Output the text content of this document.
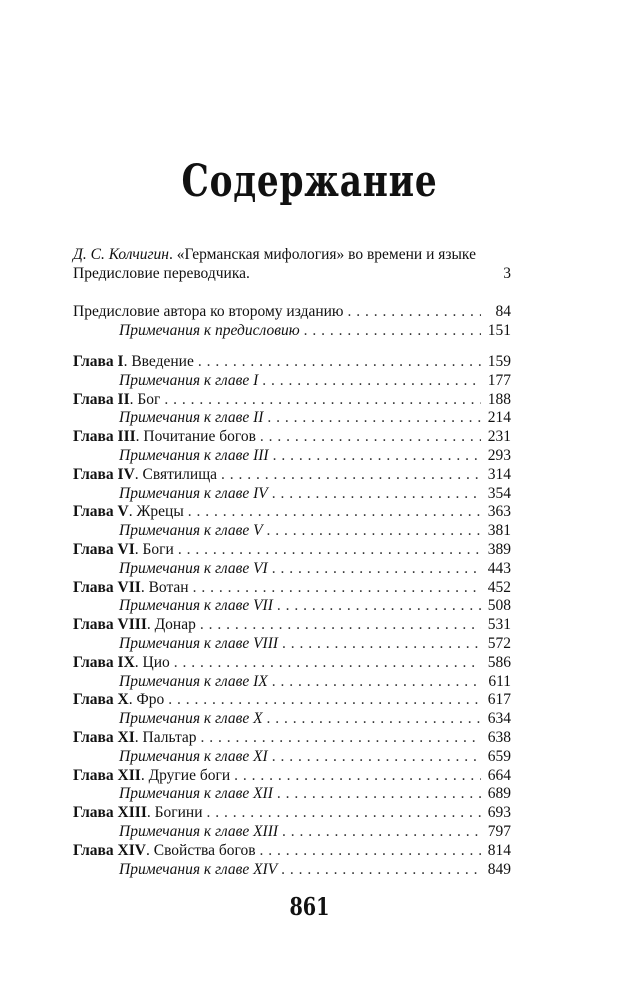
Содержание
Д. С. Колчигин. «Германская мифология» во времени и языке
Предисловие переводчика.	3
Предисловие автора ко второму изданию . . .	84
Примечания к предисловию . . .	151
Глава I. Введение . . .	159
Примечания к главе I . . .	177
Глава II. Бог . . .	188
Примечания к главе II . . .	214
Глава III. Почитание богов . . .	231
Примечания к главе III . . .	293
Глава IV. Святилища . . .	314
Примечания к главе IV . . .	354
Глава V. Жрецы . . .	363
Примечания к главе V . . .	381
Глава VI. Боги . . .	389
Примечания к главе VI . . .	443
Глава VII. Вотан . . .	452
Примечания к главе VII . . .	508
Глава VIII. Донар . . .	531
Примечания к главе VIII . . .	572
Глава IX. Цио . . .	586
Примечания к главе IX . . .	611
Глава X. Фро . . .	617
Примечания к главе X . . .	634
Глава XI. Пальтар . . .	638
Примечания к главе XI . . .	659
Глава XII. Другие боги . . .	664
Примечания к главе XII . . .	689
Глава XIII. Богини . . .	693
Примечания к главе XIII . . .	797
Глава XIV. Свойства богов . . .	814
Примечания к главе XIV . . .	849
861
